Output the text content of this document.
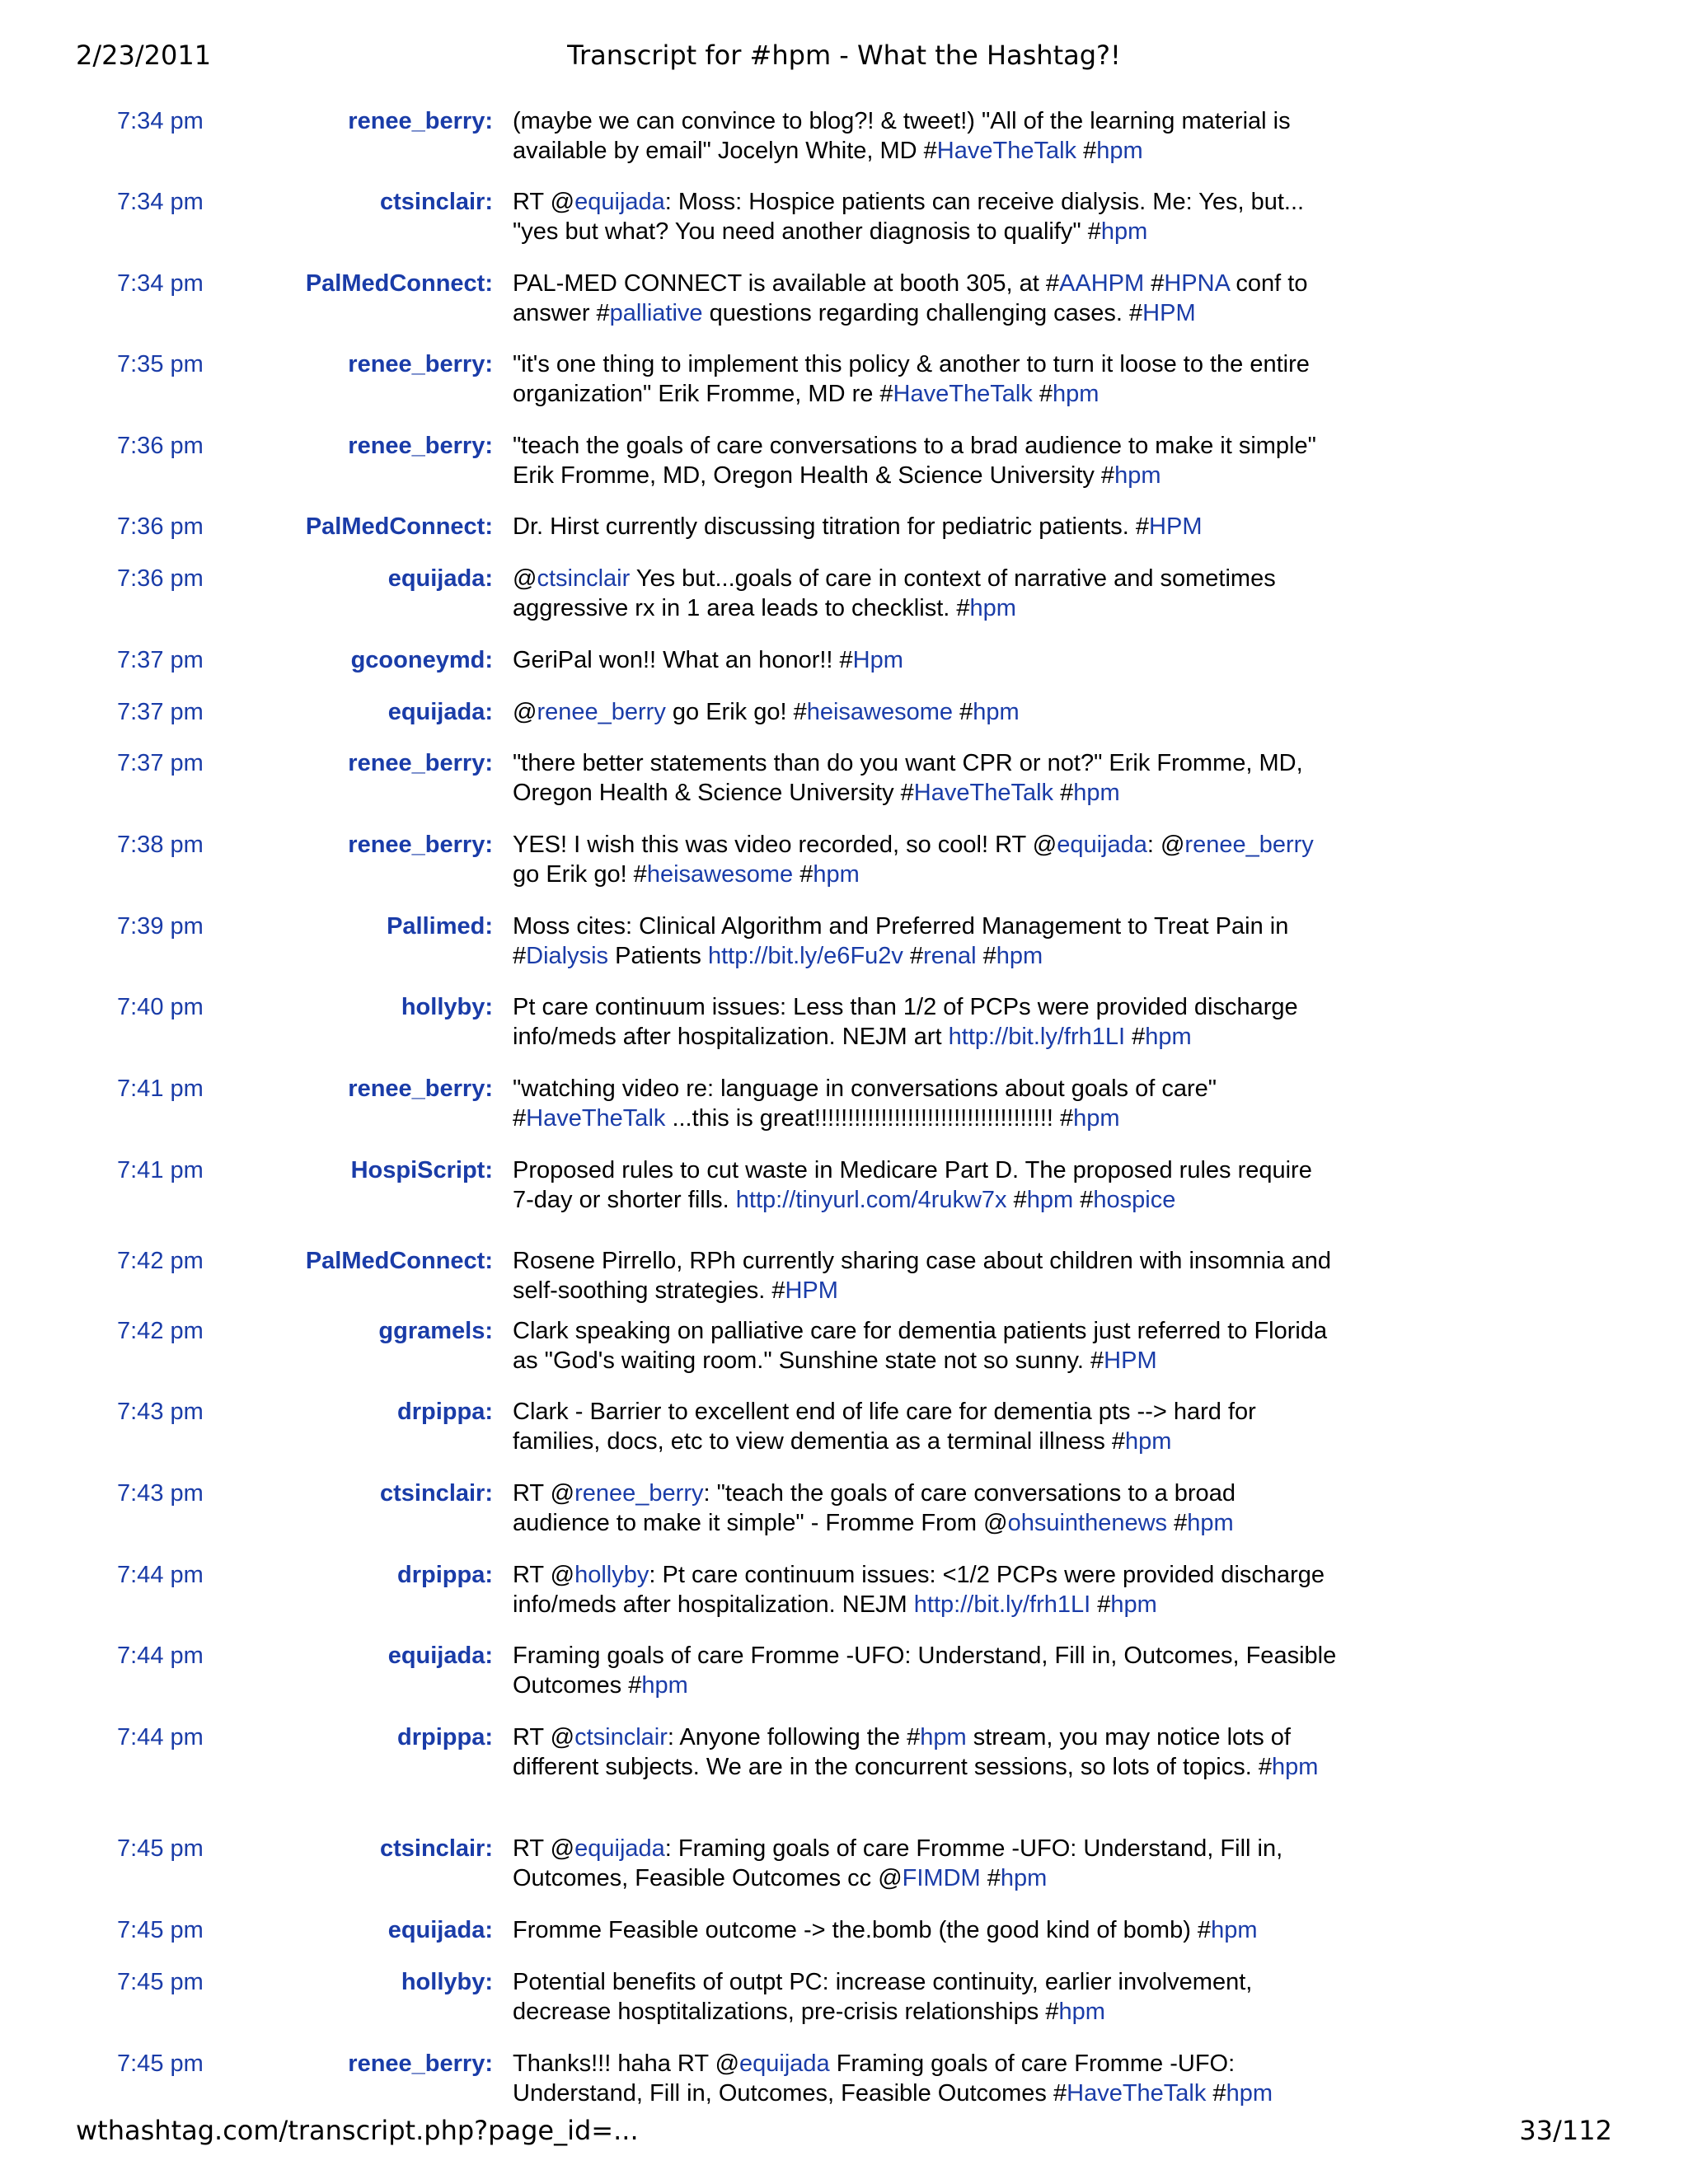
2/23/2011	Transcript for #hpm - What the Hashtag?!
7:34 pm	renee_berry: (maybe we can convince to blog?! & tweet!) "All of the learning material is available by email" Jocelyn White, MD #HaveTheTalk #hpm
7:34 pm	ctsinclair: RT @equijada: Moss: Hospice patients can receive dialysis. Me: Yes, but... "yes but what? You need another diagnosis to qualify" #hpm
7:34 pm	PalMedConnect: PAL-MED CONNECT is available at booth 305, at #AAHPM #HPNA conf to answer #palliative questions regarding challenging cases. #HPM
7:35 pm	renee_berry: "it's one thing to implement this policy & another to turn it loose to the entire organization" Erik Fromme, MD re #HaveTheTalk #hpm
7:36 pm	renee_berry: "teach the goals of care conversations to a brad audience to make it simple" Erik Fromme, MD, Oregon Health & Science University #hpm
7:36 pm	PalMedConnect: Dr. Hirst currently discussing titration for pediatric patients. #HPM
7:36 pm	equijada: @ctsinclair Yes but...goals of care in context of narrative and sometimes aggressive rx in 1 area leads to checklist. #hpm
7:37 pm	gcooneymd: GeriPal won!! What an honor!! #Hpm
7:37 pm	equijada: @renee_berry go Erik go! #heisawesome #hpm
7:37 pm	renee_berry: "there better statements than do you want CPR or not?" Erik Fromme, MD, Oregon Health & Science University #HaveTheTalk #hpm
7:38 pm	renee_berry: YES! I wish this was video recorded, so cool! RT @equijada: @renee_berry go Erik go! #heisawesome #hpm
7:39 pm	Pallimed: Moss cites: Clinical Algorithm and Preferred Management to Treat Pain in #Dialysis Patients http://bit.ly/e6Fu2v #renal #hpm
7:40 pm	hollyby: Pt care continuum issues: Less than 1/2 of PCPs were provided discharge info/meds after hospitalization. NEJM art http://bit.ly/frh1LI #hpm
7:41 pm	renee_berry: "watching video re: language in conversations about goals of care" #HaveTheTalk ...this is great!!!!!!!!!!!!!!!!!!!!!!!!!!!!!!!!!!!! #hpm
7:41 pm	HospiScript: Proposed rules to cut waste in Medicare Part D. The proposed rules require 7-day or shorter fills. http://tinyurl.com/4rukw7x #hpm #hospice
7:42 pm	PalMedConnect: Rosene Pirrello, RPh currently sharing case about children with insomnia and self-soothing strategies. #HPM
7:42 pm	ggramels: Clark speaking on palliative care for dementia patients just referred to Florida as "God's waiting room." Sunshine state not so sunny. #HPM
7:43 pm	drpippa: Clark - Barrier to excellent end of life care for dementia pts --> hard for families, docs, etc to view dementia as a terminal illness #hpm
7:43 pm	ctsinclair: RT @renee_berry: "teach the goals of care conversations to a broad audience to make it simple" - Fromme From @ohsuinthenews #hpm
7:44 pm	drpippa: RT @hollyby: Pt care continuum issues: <1/2 PCPs were provided discharge info/meds after hospitalization. NEJM http://bit.ly/frh1LI #hpm
7:44 pm	equijada: Framing goals of care Fromme -UFO: Understand, Fill in, Outcomes, Feasible Outcomes #hpm
7:44 pm	drpippa: RT @ctsinclair: Anyone following the #hpm stream, you may notice lots of different subjects. We are in the concurrent sessions, so lots of topics. #hpm
7:45 pm	ctsinclair: RT @equijada: Framing goals of care Fromme -UFO: Understand, Fill in, Outcomes, Feasible Outcomes cc @FIMDM #hpm
7:45 pm	equijada: Fromme Feasible outcome -> the.bomb (the good kind of bomb) #hpm
7:45 pm	hollyby: Potential benefits of outpt PC: increase continuity, earlier involvement, decrease hosptitalizations, pre-crisis relationships #hpm
7:45 pm	renee_berry: Thanks!!! haha RT @equijada Framing goals of care Fromme -UFO: Understand, Fill in, Outcomes, Feasible Outcomes #HaveTheTalk #hpm
wthashtag.com/transcript.php?page_id=...	33/112
